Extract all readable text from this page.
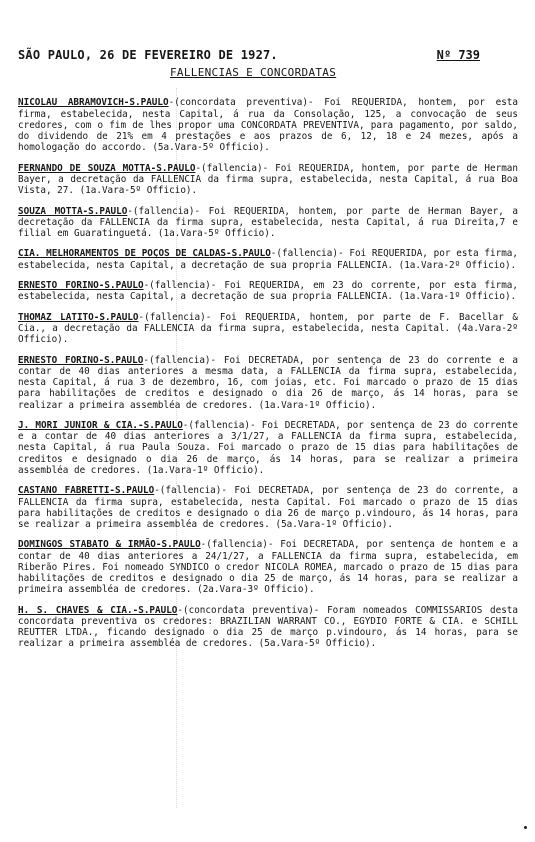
SÃO PAULO, 26 DE FEVEREIRO DE 1927.	Nº 739
FALLENCIAS E CONCORDATAS

NICOLAU ABRAMOVICH-S.PAULO-(concordata preventiva)- Foi REQUERIDA, hontem, por esta firma, estabelecida, nesta Capital, á rua da Consolação, 125, a convocação de seus credores, com o fim de lhes propor uma CONCORDATA PREVENTIVA, para pagamento, por saldo, do dividendo de 21% em 4 prestações e aos prazos de 6, 12, 18 e 24 mezes, após a homologação do accordo. (5a.Vara-5º Officio).

FERNANDO DE SOUZA MOTTA-S.PAULO-(fallencia)- Foi REQUERIDA, hontem, por parte de Herman Bayer, a decretação da FALLENCIA da firma supra, estabelecida, nesta Capital, á rua Boa Vista, 27. (1a.Vara-5º Officio).

SOUZA MOTTA-S.PAULO-(fallencia)- Foi REQUERIDA, hontem, por parte de Herman Bayer, a decretação da FALLENCIA da firma supra, estabelecida, nesta Capital, á rua Direita,7 e filial em Guaratinguetá. (1a.Vara-5º Officio).

CIA. MELHORAMENTOS DE POÇOS DE CALDAS-S.PAULO-(fallencia)- Foi REQUERIDA, por esta firma, estabelecida, nesta Capital, a decretação de sua propria FALLENCIA. (1a.Vara-2º Officio).

ERNESTO FORINO-S.PAULO-(fallencia)- Foi REQUERIDA, em 23 do corrente, por esta firma, estabelecida, nesta Capital, a decretação de sua propria FALLENCIA. (1a.Vara-1º Officio).

THOMAZ LATITO-S.PAULO-(fallencia)- Foi REQUERIDA, hontem, por parte de F. Bacellar & Cia., a decretação da FALLENCIA da firma supra, estabelecida, nesta Capital. (4a.Vara-2º Officio).

ERNESTO FORINO-S.PAULO-(fallencia)- Foi DECRETADA, por sentença de 23 do corrente e a contar de 40 dias anteriores a mesma data, a FALLENCIA da firma supra, estabelecida, nesta Capital, á rua 3 de dezembro, 16, com joias, etc. Foi marcado o prazo de 15 dias para habilitações de creditos e designado o dia 26 de março, ás 14 horas, para se realizar a primeira assembléa de credores. (1a.Vara-1º Officio).

J. MORI JUNIOR & CIA.-S.PAULO-(fallencia)- Foi DECRETADA, por sentença de 23 do corrente e a contar de 40 dias anteriores a 3/1/27, a FALLENCIA da firma supra, estabelecida, nesta Capital, á rua Paula Souza. Foi marcado o prazo de 15 dias para habilitações de creditos e designado o dia 26 de março, ás 14 horas, para se realizar a primeira assembléa de credores. (1a.Vara-1º Officio).

CASTANO FABRETTI-S.PAULO-(fallencia)- Foi DECRETADA, por sentença de 23 do corrente, a FALLENCIA da firma supra, estabelecida, nesta Capital. Foi marcado o prazo de 15 dias para habilitações de creditos e designado o dia 26 de março p.vindouro, ás 14 horas, para se realizar a primeira assembléa de credores. (5a.Vara-1º Officio).

DOMINGOS STABATO & IRMÃO-S.PAULO-(fallencia)- Foi DECRETADA, por sentença de hontem e a contar de 40 dias anteriores a 24/1/27, a FALLENCIA da firma supra, estabelecida, em Riberão Pires. Foi nomeado SYNDICO o credor NICOLA ROMEA, marcado o prazo de 15 dias para habilitações de creditos e designado o dia 25 de março, ás 14 horas, para se realizar a primeira assembléa de credores. (2a.Vara-3º Officio).

H. S. CHAVES & CIA.-S.PAULO-(concordata preventiva)- Foram nomeados COMMISSARIOS desta concordata preventiva os credores: BRAZILIAN WARRANT CO., EGYDIO FORTE & CIA. e SCHILL REUTTER LTDA., ficando designado o dia 25 de março p.vindouro, ás 14 horas, para se realizar a primeira assembléa de credores. (5a.Vara-5º Officio).
